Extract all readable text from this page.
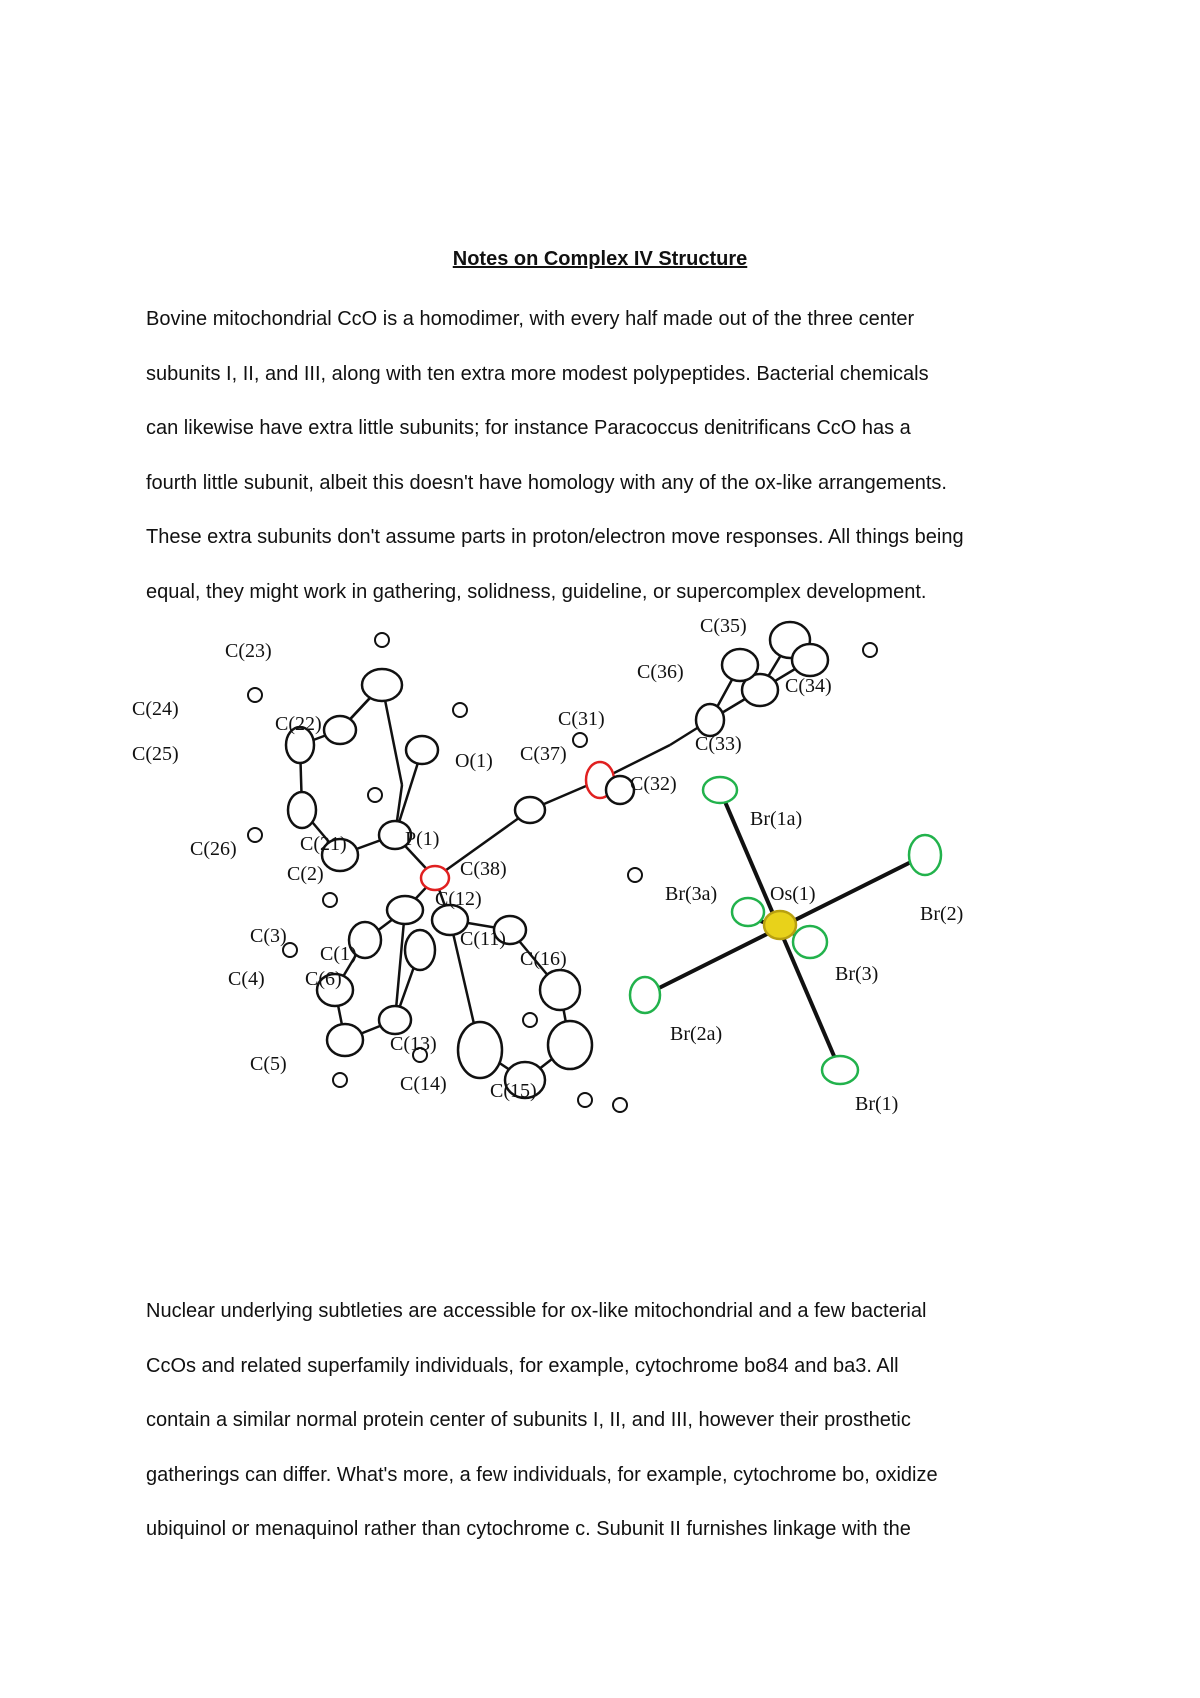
Notes on Complex IV Structure
Bovine mitochondrial CcO is a homodimer, with every half made out of the three center
subunits I, II, and III, along with ten extra more modest polypeptides. Bacterial chemicals
can likewise have extra little subunits; for instance Paracoccus denitrificans CcO has a
fourth little subunit, albeit this doesn't have homology with any of the ox-like arrangements.
These extra subunits don't assume parts in proton/electron move responses. All things being
equal, they might work in gathering, solidness, guideline, or supercomplex development.
C(23)
C(24)
C(22)
C(25)
C(26)	C(21)	P(1)
C(2)	C(38)
C(12)
C(3)
C(1)
C(11)
C(4) C(6)
C(16)
C(13)
C(5)
C(14) C(15)
O(1) C(37)
C(31)
C(32)
C(33)
C(34)
C(35)
C(36)
Br(1a)
Br(3a)	Os(1)
Br(2)
Br(3)
Br(2a)
Br(1)
Nuclear underlying subtleties are accessible for ox-like mitochondrial and a few bacterial
CcOs and related superfamily individuals, for example, cytochrome bo84 and ba3. All
contain a similar normal protein center of subunits I, II, and III, however their prosthetic
gatherings can differ. What's more, a few individuals, for example, cytochrome bo, oxidize
ubiquinol or menaquinol rather than cytochrome c. Subunit II furnishes linkage with the
